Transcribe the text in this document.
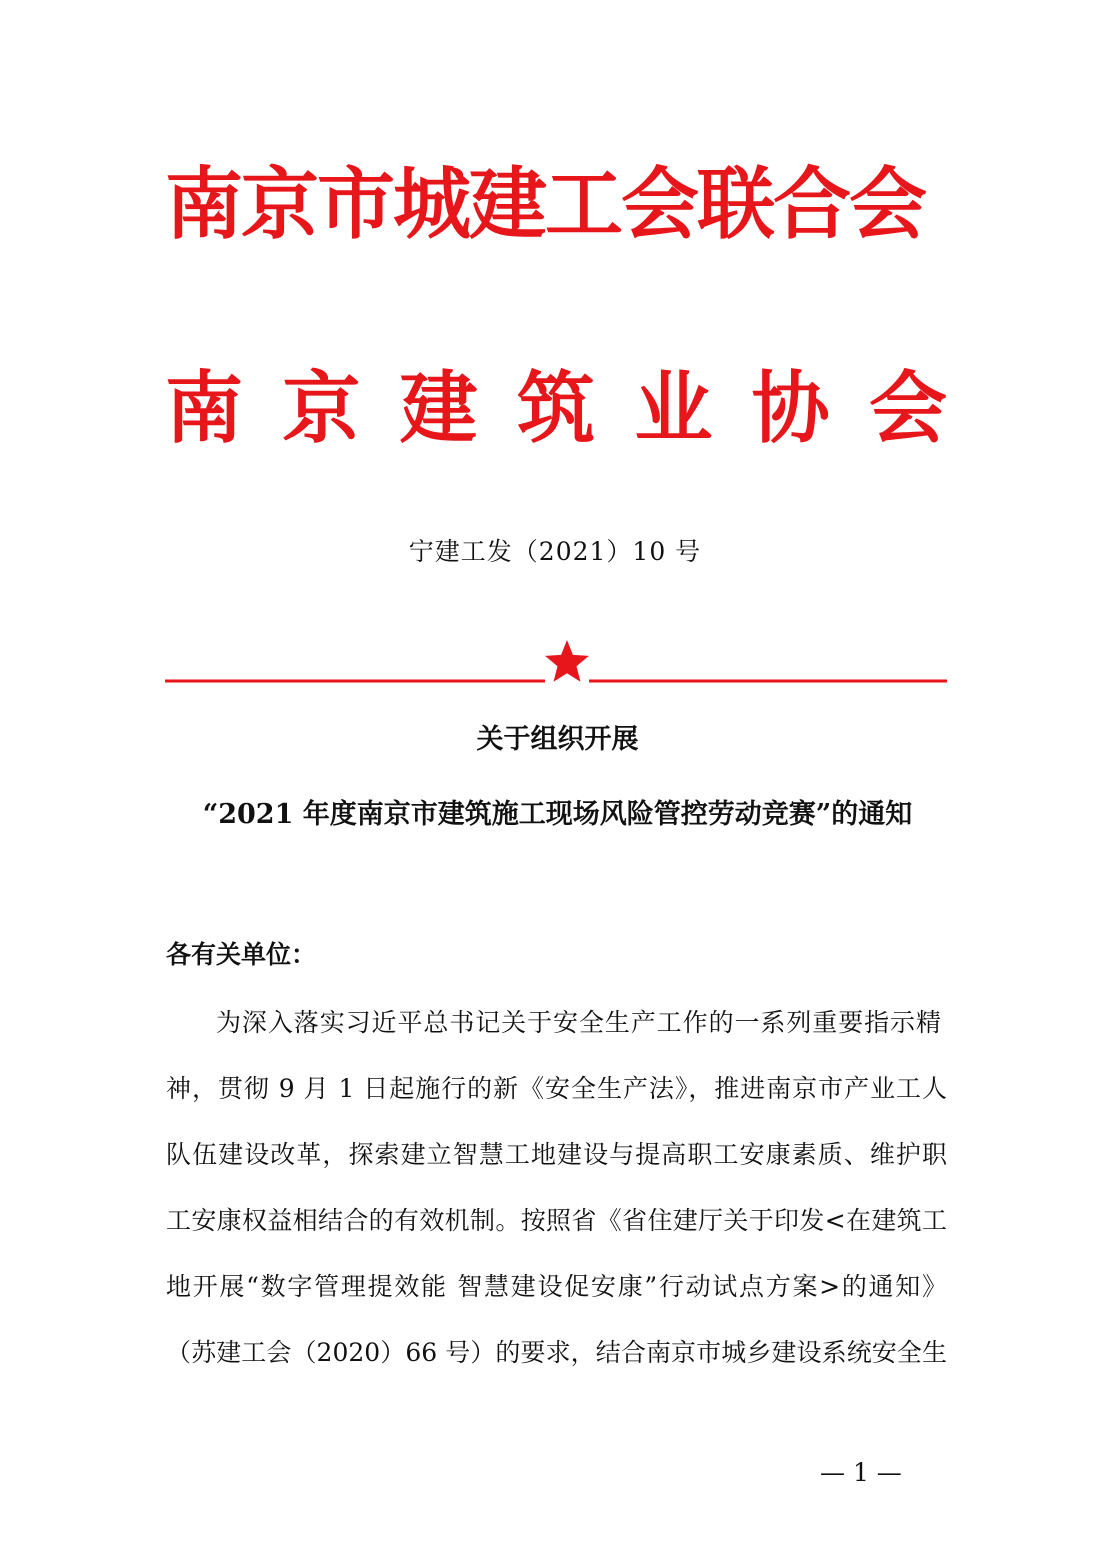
南京市城建工会联合会
南 京 建 筑 业 协 会
宁建工发（2021）10 号
关于组织开展
“2021 年度南京市建筑施工现场风险管控劳动竞赛”的通知
各有关单位：
为深入落实习近平总书记关于安全生产工作的一系列重要指示精
神，贯彻 9 月 1 日起施行的新《安全生产法》，推进南京市产业工人
队伍建设改革，探索建立智慧工地建设与提高职工安康素质、维护职
工安康权益相结合的有效机制。按照省《省住建厅关于印发<在建筑工
地开展“数字管理提效能 智慧建设促安康”行动试点方案>的通知》
（苏建工会（2020）66 号）的要求，结合南京市城乡建设系统安全生
— 1 —
